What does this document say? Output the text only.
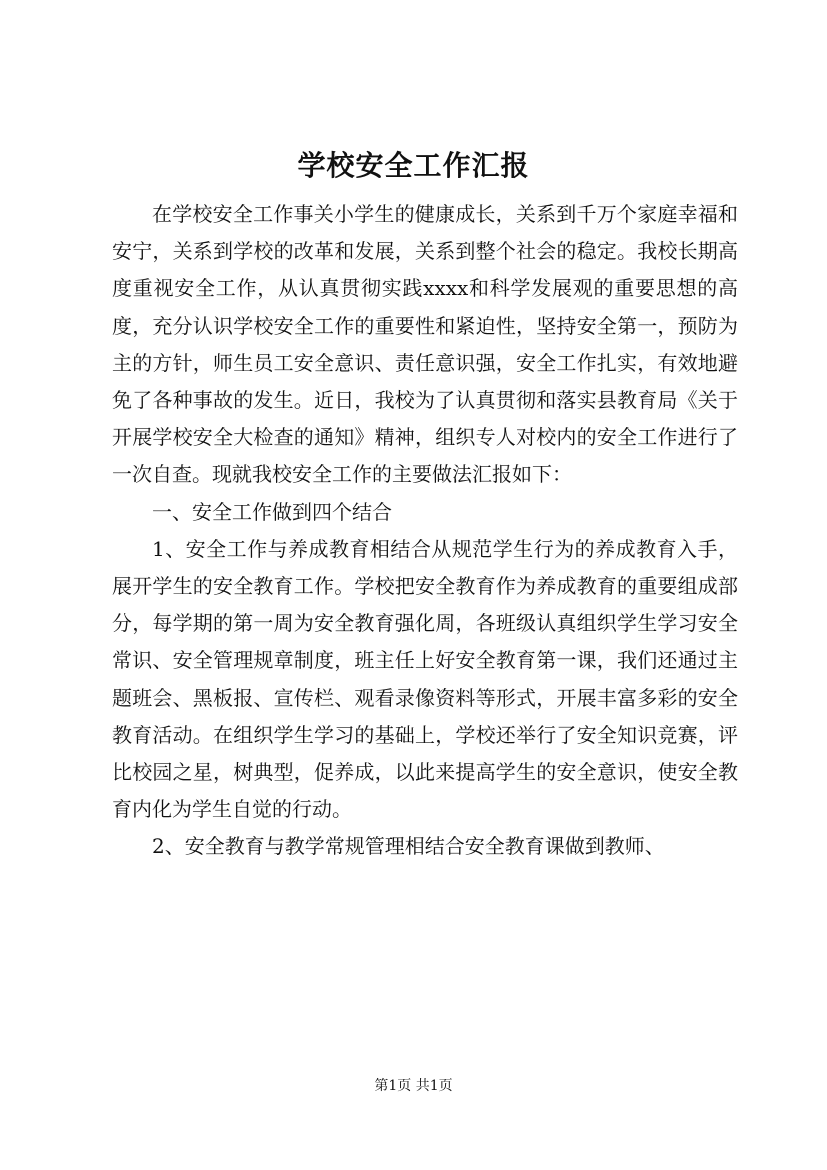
学校安全工作汇报

在学校安全工作事关小学生的健康成长，关系到千万个家庭幸福和安宁，关系到学校的改革和发展，关系到整个社会的稳定。我校长期高度重视安全工作，从认真贯彻实践xxxx和科学发展观的重要思想的高度，充分认识学校安全工作的重要性和紧迫性，坚持安全第一，预防为主的方针，师生员工安全意识、责任意识强，安全工作扎实，有效地避免了各种事故的发生。近日，我校为了认真贯彻和落实县教育局《关于开展学校安全大检查的通知》精神，组织专人对校内的安全工作进行了一次自查。现就我校安全工作的主要做法汇报如下：

一、安全工作做到四个结合

1、安全工作与养成教育相结合从规范学生行为的养成教育入手，展开学生的安全教育工作。学校把安全教育作为养成教育的重要组成部分，每学期的第一周为安全教育强化周，各班级认真组织学生学习安全常识、安全管理规章制度，班主任上好安全教育第一课，我们还通过主题班会、黑板报、宣传栏、观看录像资料等形式，开展丰富多彩的安全教育活动。在组织学生学习的基础上，学校还举行了安全知识竞赛，评比校园之星，树典型，促养成，以此来提高学生的安全意识，使安全教育内化为学生自觉的行动。

2、安全教育与教学常规管理相结合安全教育课做到教师、

第1页 共1页
